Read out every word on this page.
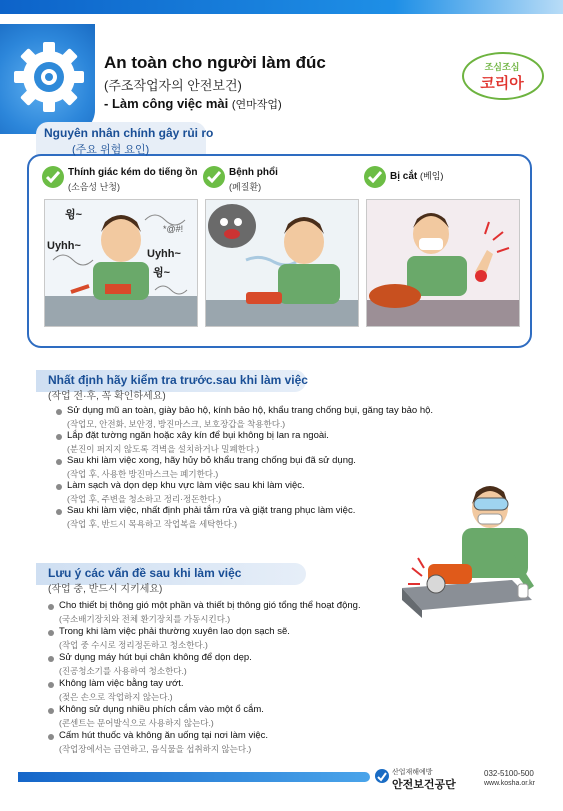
An toàn cho người làm đúc
(주조작업자의 안전보건)
- Làm công việc mài (연마작업)
조심조심
코리아
Nguyên nhân chính gây rủi ro
(주요 위험 요인)
Thính giác kém do tiếng ồn
(소음성 난청)
Bệnh phổi
(폐질환)
Bị cắt (베임)
*@#!
윙~
Uyhh~
Uyhh~
윙~
Nhất định hãy kiểm tra trước.sau khi làm việc
(작업 전·후, 꼭 확인하세요)
Sử dụng mũ an toàn, giày bảo hộ, kính bảo hộ, khẩu trang chống bụi, găng tay bảo hộ.
(작업모, 안전화, 보안경, 방진마스크, 보호장갑을 착용한다.)
Lắp đặt tường ngăn hoặc xây kín để bụi không bị lan ra ngoài.
(분진이 퍼지지 않도록 격벽을 설치하거나 밀폐한다.)
Sau khi làm việc xong, hãy hủy bỏ khẩu trang chống bụi đã sử dụng.
(작업 후, 사용한 방진마스크는 폐기한다.)
Làm sạch và dọn dẹp khu vực làm việc sau khi làm việc.
(작업 후, 주변을 청소하고 정리·정돈한다.)
Sau khi làm việc, nhất định phải tắm rửa và giặt trang phục làm việc.
(작업 후, 반드시 목욕하고 작업복을 세탁한다.)
Lưu ý các vấn đề sau khi làm việc
(작업 중, 반드시 지키세요)
Cho thiết bị thông gió một phần và thiết bị thông gió tổng thể hoạt động.
(국소배기장치와 전체 환기장치를 가동시킨다.)
Trong khi làm việc phải thường xuyên lao dọn sạch sẽ.
(작업 중 수시로 정리정돈하고 청소한다.)
Sử dụng máy hút bụi chân không để dọn dẹp.
(진공청소기를 사용하여 청소한다.)
Không làm việc bằng tay ướt.
(젖은 손으로 작업하지 않는다.)
Không sử dụng nhiều phích cắm vào một ổ cắm.
(콘센트는 문어발식으로 사용하지 않는다.)
Cấm hút thuốc và không ăn uống tại nơi làm việc.
(작업장에서는 금연하고, 음식물을 섭취하지 않는다.)
산업재해예방
안전보건공단
032-5100-500
www.kosha.or.kr
